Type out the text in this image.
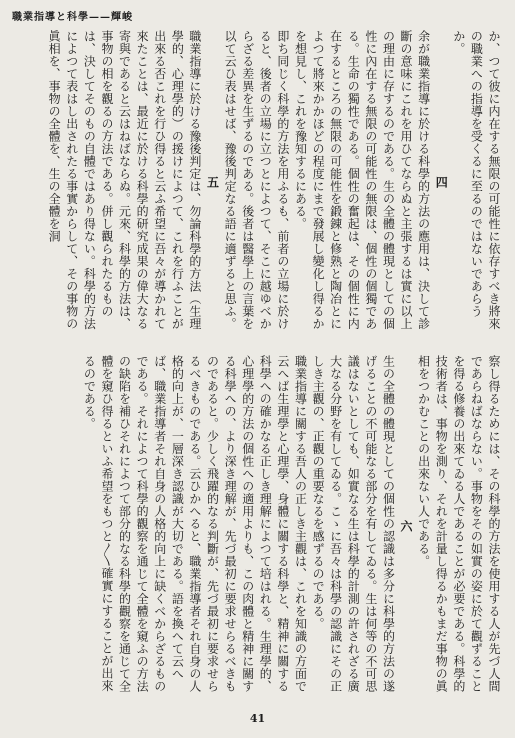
職業指導と科學——輝峻

か、つて彼に内在する無限の可能性に依存すべき將來の職業への指導を受くるに至るのではないであらうか。

四

余が職業指導に於ける科學的方法の應用は、決して診斷の意味にこれを用ひてならぬと主張するは實に以上の理由に存するのである。生の全體の體現としての個性に內在する無限の可能性の無限は、個性の個獨である。生命の獨性である。個性の奮起は、その個性に内在するところの無限の可能性を鍛錬と修熟と陶冶とによつて將來かかほどの程度にまで發展し變化し得るかを想見し、これを豫知するにある。

即ち同じく科學的方法を用ふるも、前者の立場に於けると、後者の立場に立つとによつて、そこに越ゆべからざる差異を生ずるのである。後者は醫學上の言葉を以て云ひ表はせば、豫後判定なる語に適ずると思ふ。

五

職業指導に於ける豫後判定は、勿論科學的方法（生理學的、心理學的）の援けによつて、これを行ふことが出來る否これを行ひ得ると云ふ希望に吾々が導かれて來たことは、最近に於ける科學的研究成果の偉大なる寄與であると云はねばならぬ。元來、科學的方法は、事物の相を觀るの方法である。併し觀られたるものは、決してそのもの自體ではあり得ない。科學的方法によつて表はし出されたる事實からして、その事物の眞相を、事物の全體を、生の全體を洞

察し得るためには、その科學的方法を使用する人が先づ人間であらねばならない。事物をその如實の姿に於て觀ずることを得る修養の出來てゐる人であることが必要である。科學的技術者は、事物を測り、それを計量し得るかもまだ事物の眞相をつかむことの出來ない人である。

六

生の全體の體現としての個性の認識は多分に科學的方法の遂げることの不可能なる部分を有してゐる。生は何等の不可思議はないとしても、如實なる生は科學的計測の許されざる廣大なる分野を有してゐる。こゝに吾々は科學の認識にその正しき主觀の、正觀の重要なるを感ずるのである。

職業指導に關する吾人の正しき主觀は、これを知識の方面で云へば生理學と心理學、身體に關する科學と、精神に關する科學への確かなる正しき理解によつて培はれる。生理學的、心理學的方法の個性への適用よりも、この肉體と精神に關する科學への、より深き理解が、先づ最初に要求せらるべきものであると。少しく飛躍的なる判斷が、先づ最初に要求せらるべきものである。云ひかへると、職業指導者それ自身の人格的向上が、一層深き認識が大切である。語を換へて云へば、職業指導者それ自身の人格的向上に缺くべからざるものである。それによつて科學的觀察を通じて全體を窺ふの方法の缺陷を補ひそれによつて部分的なる科學的觀察を通じて全體を窺ひ得るといふ希望をもつと〳〵確實にすることが出來るのである。

41
